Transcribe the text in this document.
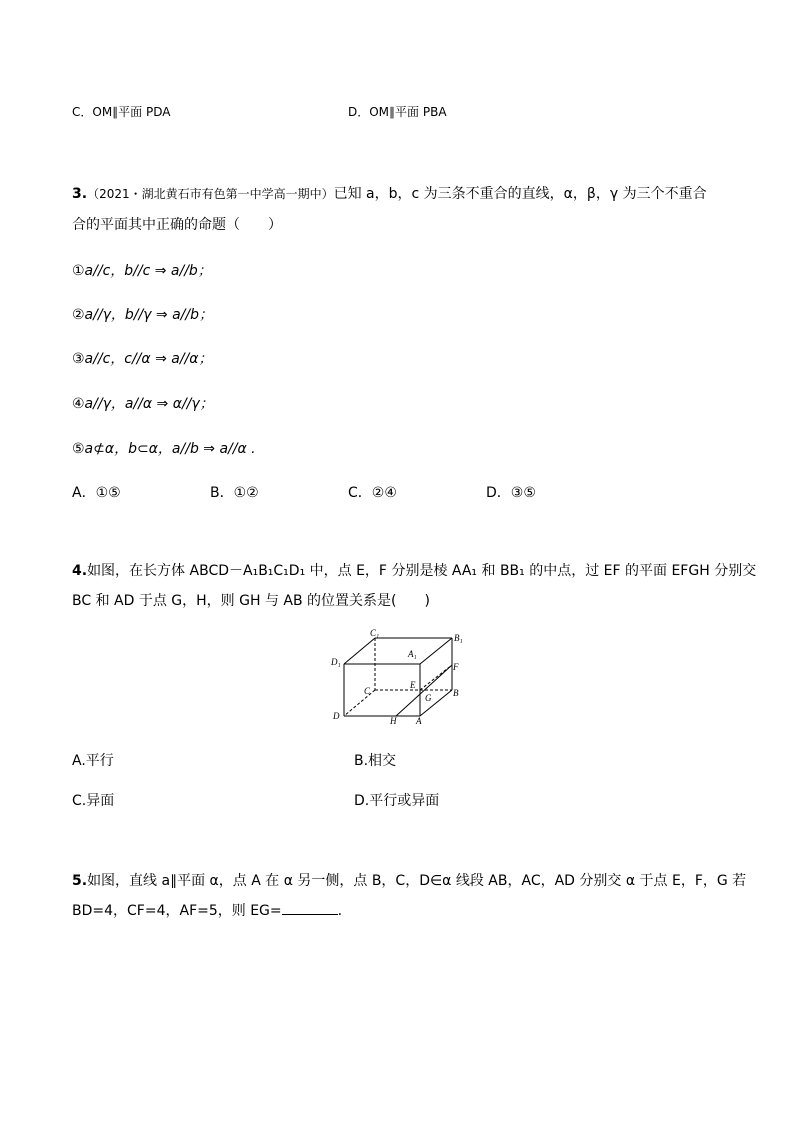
C．OM∥平面 PDA	D．OM∥平面 PBA
3.（2021・湖北黄石市有色第一中学高一期中）已知 a，b，c 为三条不重合的直线，α，β，γ 为三个不重合
合的平面其中正确的命题（　　）
①a//c，b//c ⇒ a//b；
②a//γ，b//γ ⇒ a//b；
③a//c，c//α ⇒ a//α；
④a//γ，a//α ⇒ α//γ；
⑤a⊄α，b⊂α，a//b ⇒ a//α .
A．①⑤	B．①②	C．②④	D．③⑤
4.如图，在长方体 ABCD－A₁B₁C₁D₁ 中，点 E，F 分别是棱 AA₁ 和 BB₁ 的中点，过 EF 的平面 EFGH 分别交
BC 和 AD 于点 G，H，则 GH 与 AB 的位置关系是(　　)
C₁	B₁
D₁
A₁
F
C
E
G B
D	H A
A.平行	B.相交
C.异面	D.平行或异面
5.如图，直线 a∥平面 α，点 A 在 α 另一侧，点 B，C，D∈α 线段 AB，AC，AD 分别交 α 于点 E，F，G 若
BD=4，CF=4，AF=5，则 EG=	.
